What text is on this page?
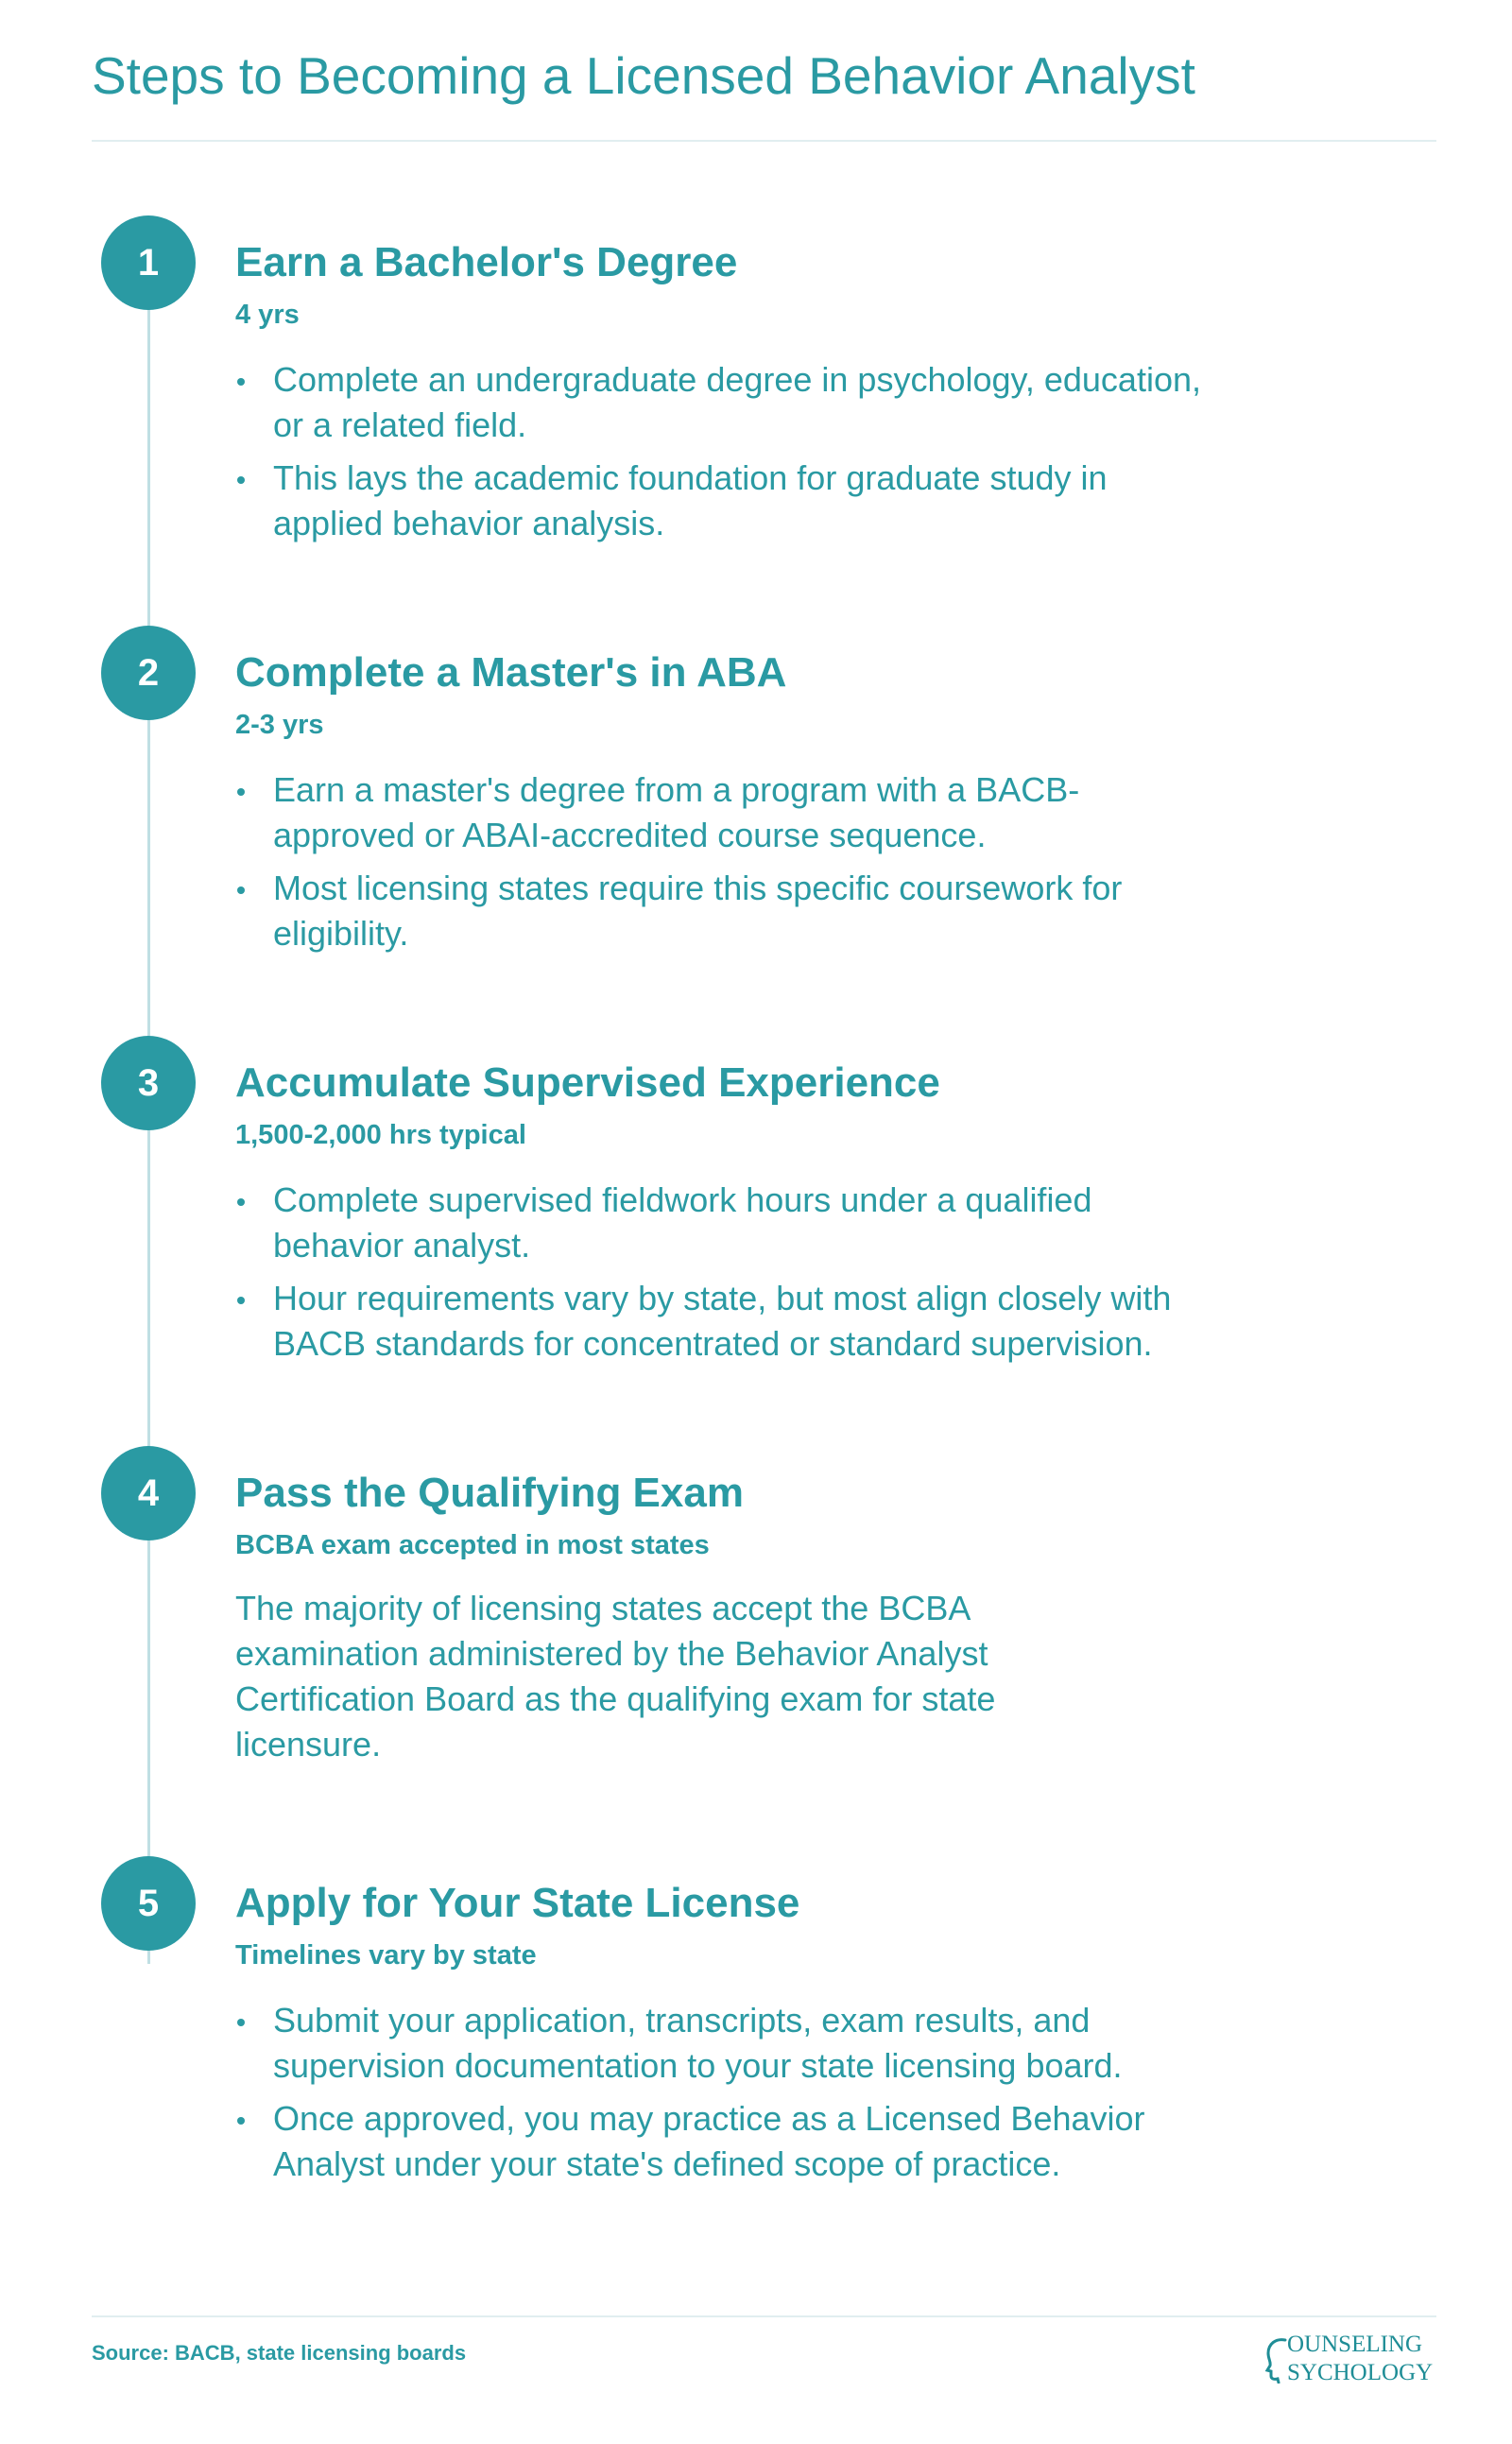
Steps to Becoming a Licensed Behavior Analyst
1	Earn a Bachelor's Degree
4 yrs
Complete an undergraduate degree in psychology, education, or a related field.
This lays the academic foundation for graduate study in applied behavior analysis.
2	Complete a Master's in ABA
2-3 yrs
Earn a master's degree from a program with a BACB-approved or ABAI-accredited course sequence.
Most licensing states require this specific coursework for eligibility.
3	Accumulate Supervised Experience
1,500-2,000 hrs typical
Complete supervised fieldwork hours under a qualified behavior analyst.
Hour requirements vary by state, but most align closely with BACB standards for concentrated or standard supervision.
4	Pass the Qualifying Exam
BCBA exam accepted in most states

The majority of licensing states accept the BCBA examination administered by the Behavior Analyst Certification Board as the qualifying exam for state licensure.

5	Apply for Your State License
Timelines vary by state
Submit your application, transcripts, exam results, and supervision documentation to your state licensing board.
Once approved, you may practice as a Licensed Behavior Analyst under your state's defined scope of practice.
Source: BACB, state licensing boards	OUNSELING
SYCHOLOGY
